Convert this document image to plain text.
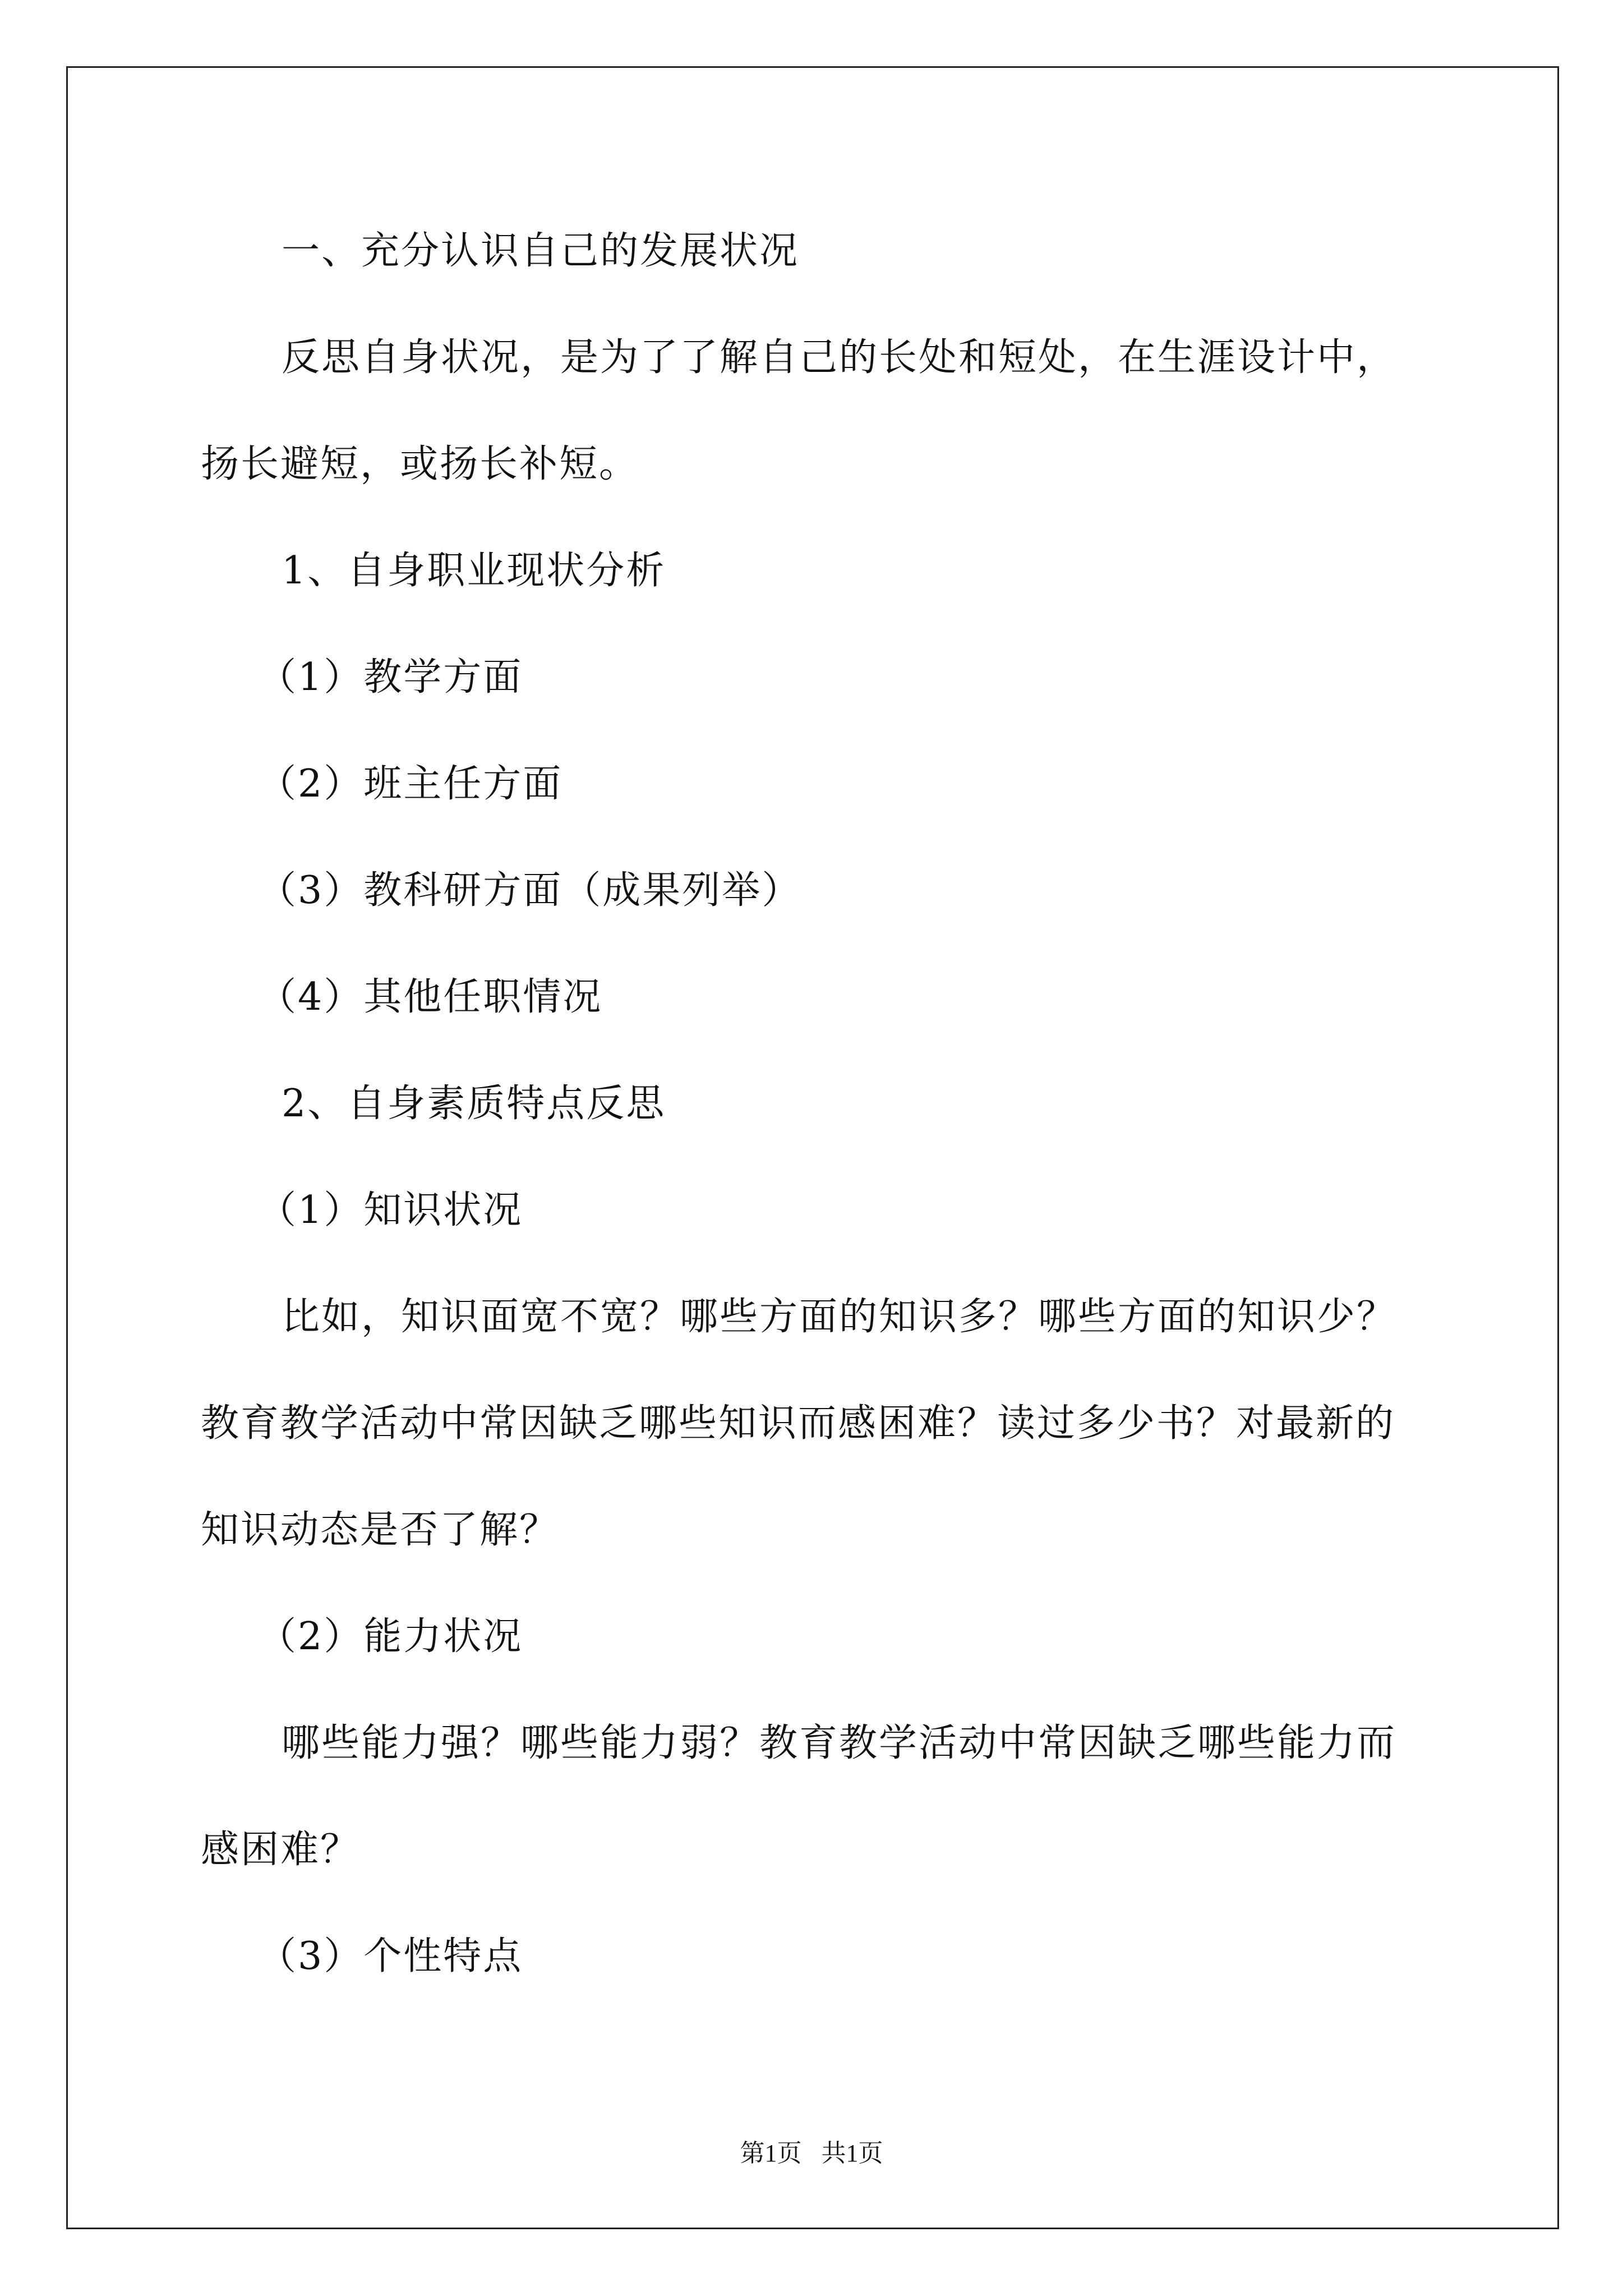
一、充分认识自己的发展状况
反思自身状况，是为了了解自己的长处和短处，在生涯设计中，
扬长避短，或扬长补短。
1、自身职业现状分析
（1）教学方面
（2）班主任方面
（3）教科研方面（成果列举）
（4）其他任职情况
2、自身素质特点反思
（1）知识状况
比如，知识面宽不宽？哪些方面的知识多？哪些方面的知识少？
教育教学活动中常因缺乏哪些知识而感困难？读过多少书？对最新的
知识动态是否了解？
（2）能力状况
哪些能力强？哪些能力弱？教育教学活动中常因缺乏哪些能力而
感困难？
（3）个性特点
第1页 共1页
